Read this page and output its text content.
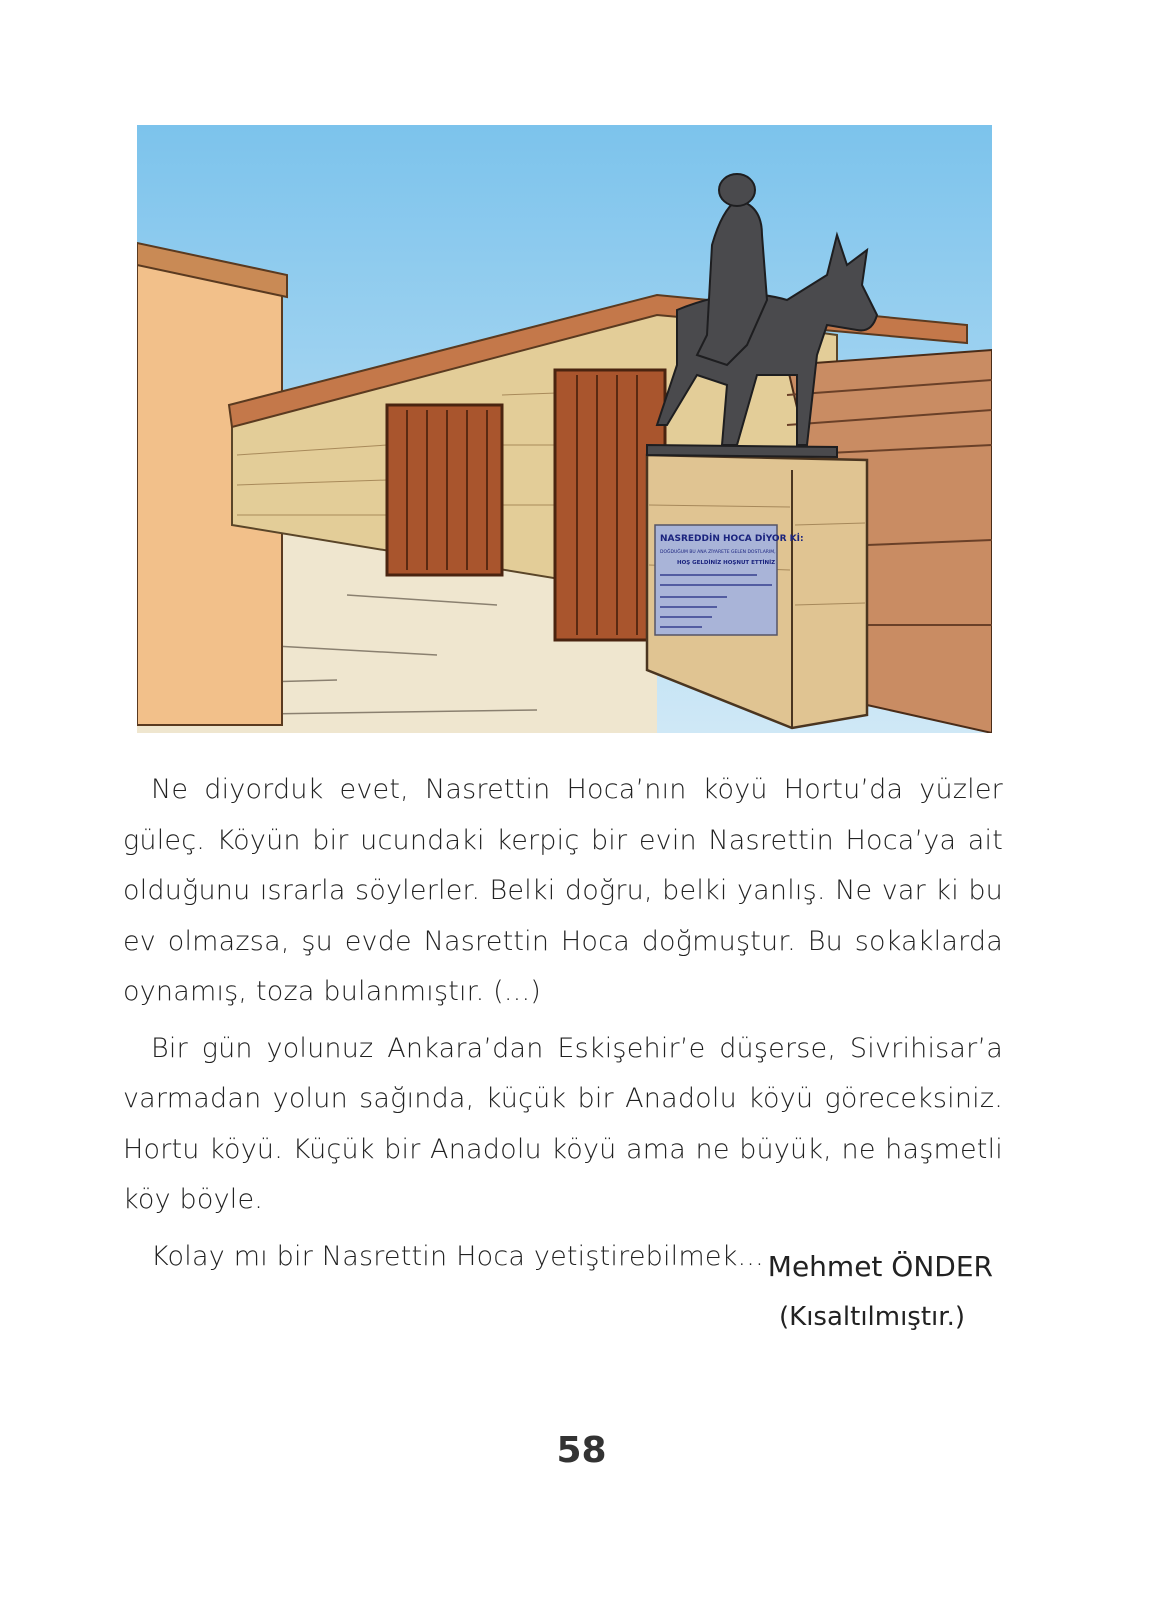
NASREDDİN HOCA DİYOR Kİ:
DOĞDUĞUM BU ANA ZİYARETE GELEN DOSTLARIM,
HOŞ GELDİNİZ HOŞNUT ETTİNİZ

Ne diyorduk evet, Nasrettin Hoca’nın köyü Hortu’da yüzler güleç. Köyün bir ucundaki kerpiç bir evin Nasrettin Hoca’ya ait olduğunu ısrarla söylerler. Belki doğru, belki yanlış. Ne var ki bu ev olmazsa, şu evde Nasrettin Hoca doğmuştur. Bu sokaklarda oynamış, toza bulanmıştır. (...)

Bir gün yolunuz Ankara’dan Eskişehir’e düşerse, Sivrihisar’a varmadan yolun sağında, küçük bir Anadolu köyü göreceksiniz. Hortu köyü. Küçük bir Anadolu köyü ama ne büyük, ne haşmetli köy böyle.

Kolay mı bir Nasrettin Hoca yetiştirebilmek... Mehmet ÖNDER
(Kısaltılmıştır.)
58
